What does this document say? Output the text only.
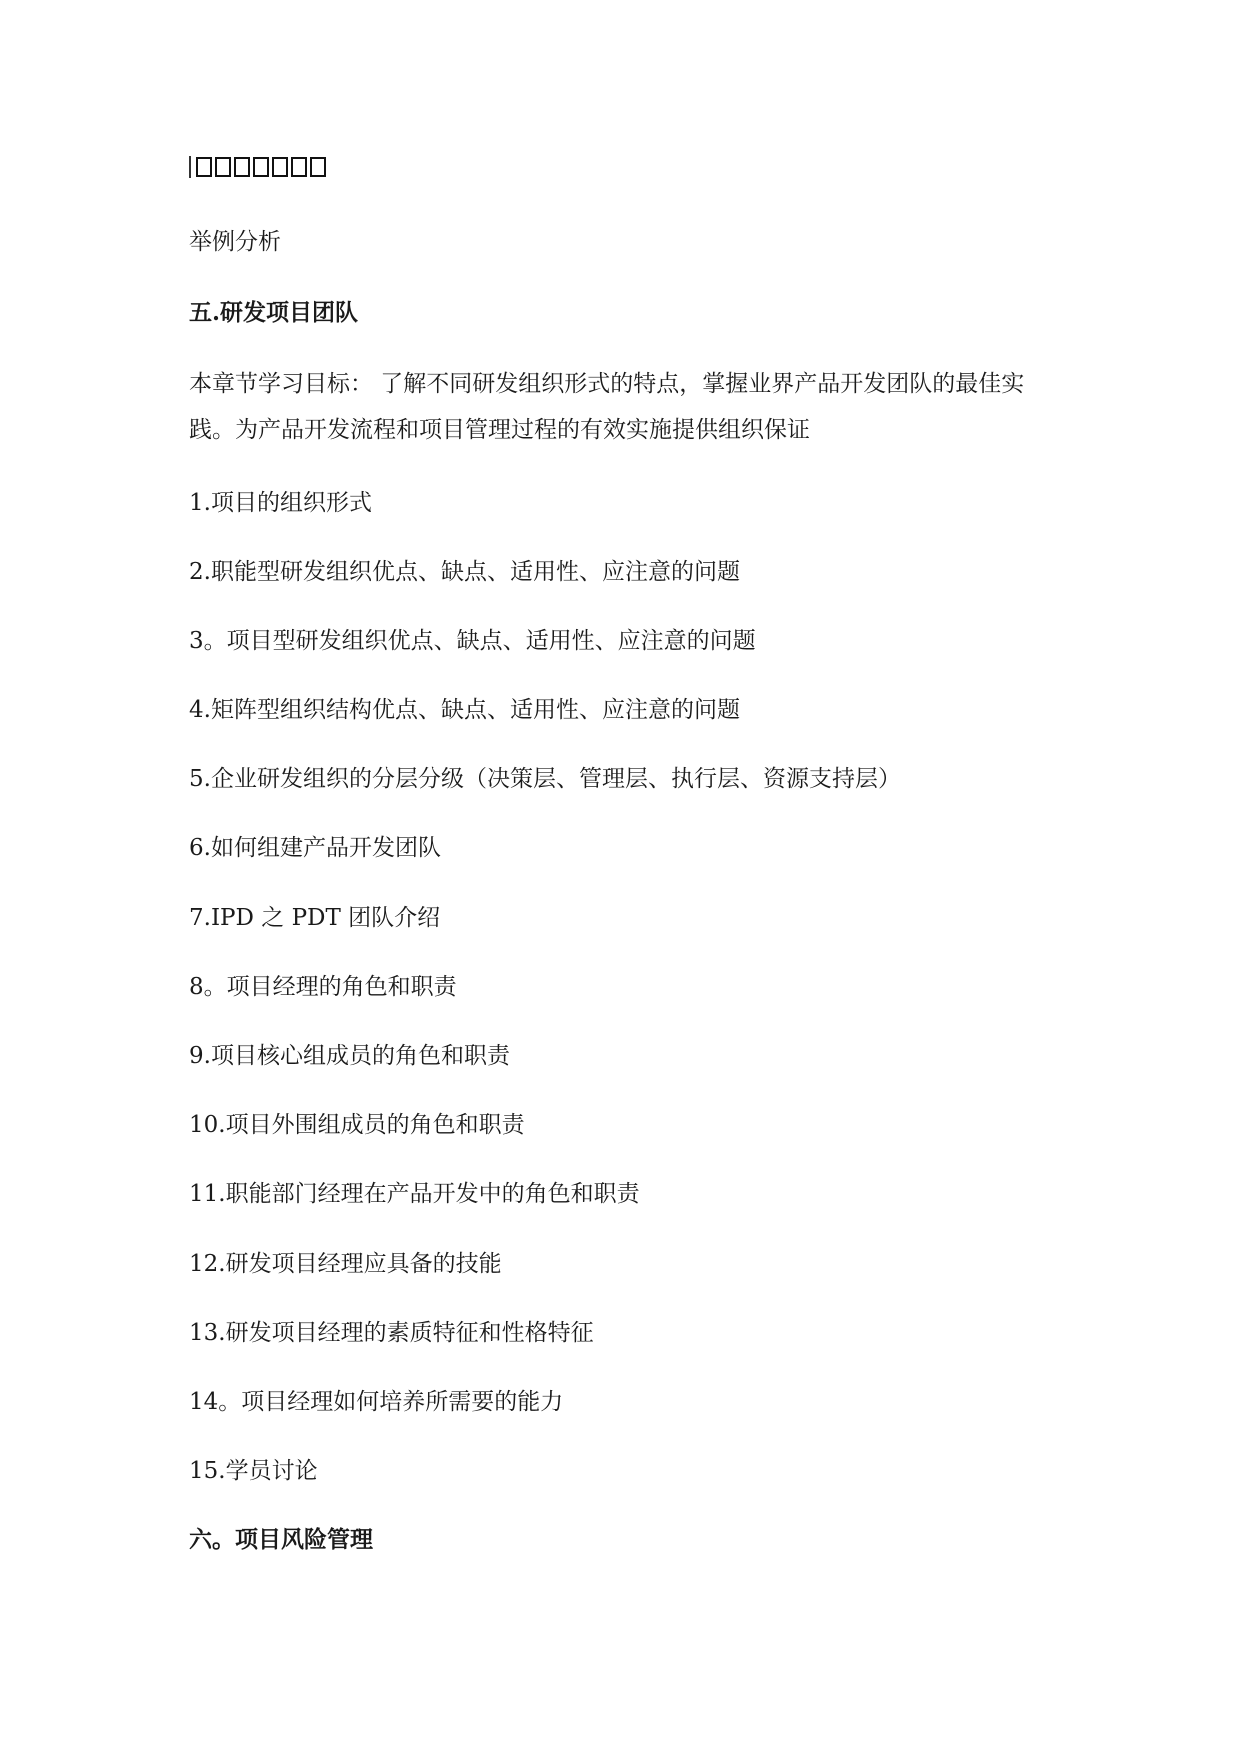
举例分析
五.研发项目团队
本章节学习目标： 了解不同研发组织形式的特点，掌握业界产品开发团队的最佳实践。为产品开发流程和项目管理过程的有效实施提供组织保证
1.项目的组织形式
2.职能型研发组织优点、缺点、适用性、应注意的问题
3。项目型研发组织优点、缺点、适用性、应注意的问题
4.矩阵型组织结构优点、缺点、适用性、应注意的问题
5.企业研发组织的分层分级（决策层、管理层、执行层、资源支持层）
6.如何组建产品开发团队
7.IPD 之 PDT 团队介绍
8。项目经理的角色和职责
9.项目核心组成员的角色和职责
10.项目外围组成员的角色和职责
11.职能部门经理在产品开发中的角色和职责
12.研发项目经理应具备的技能
13.研发项目经理的素质特征和性格特征
14。项目经理如何培养所需要的能力
15.学员讨论
六。项目风险管理
